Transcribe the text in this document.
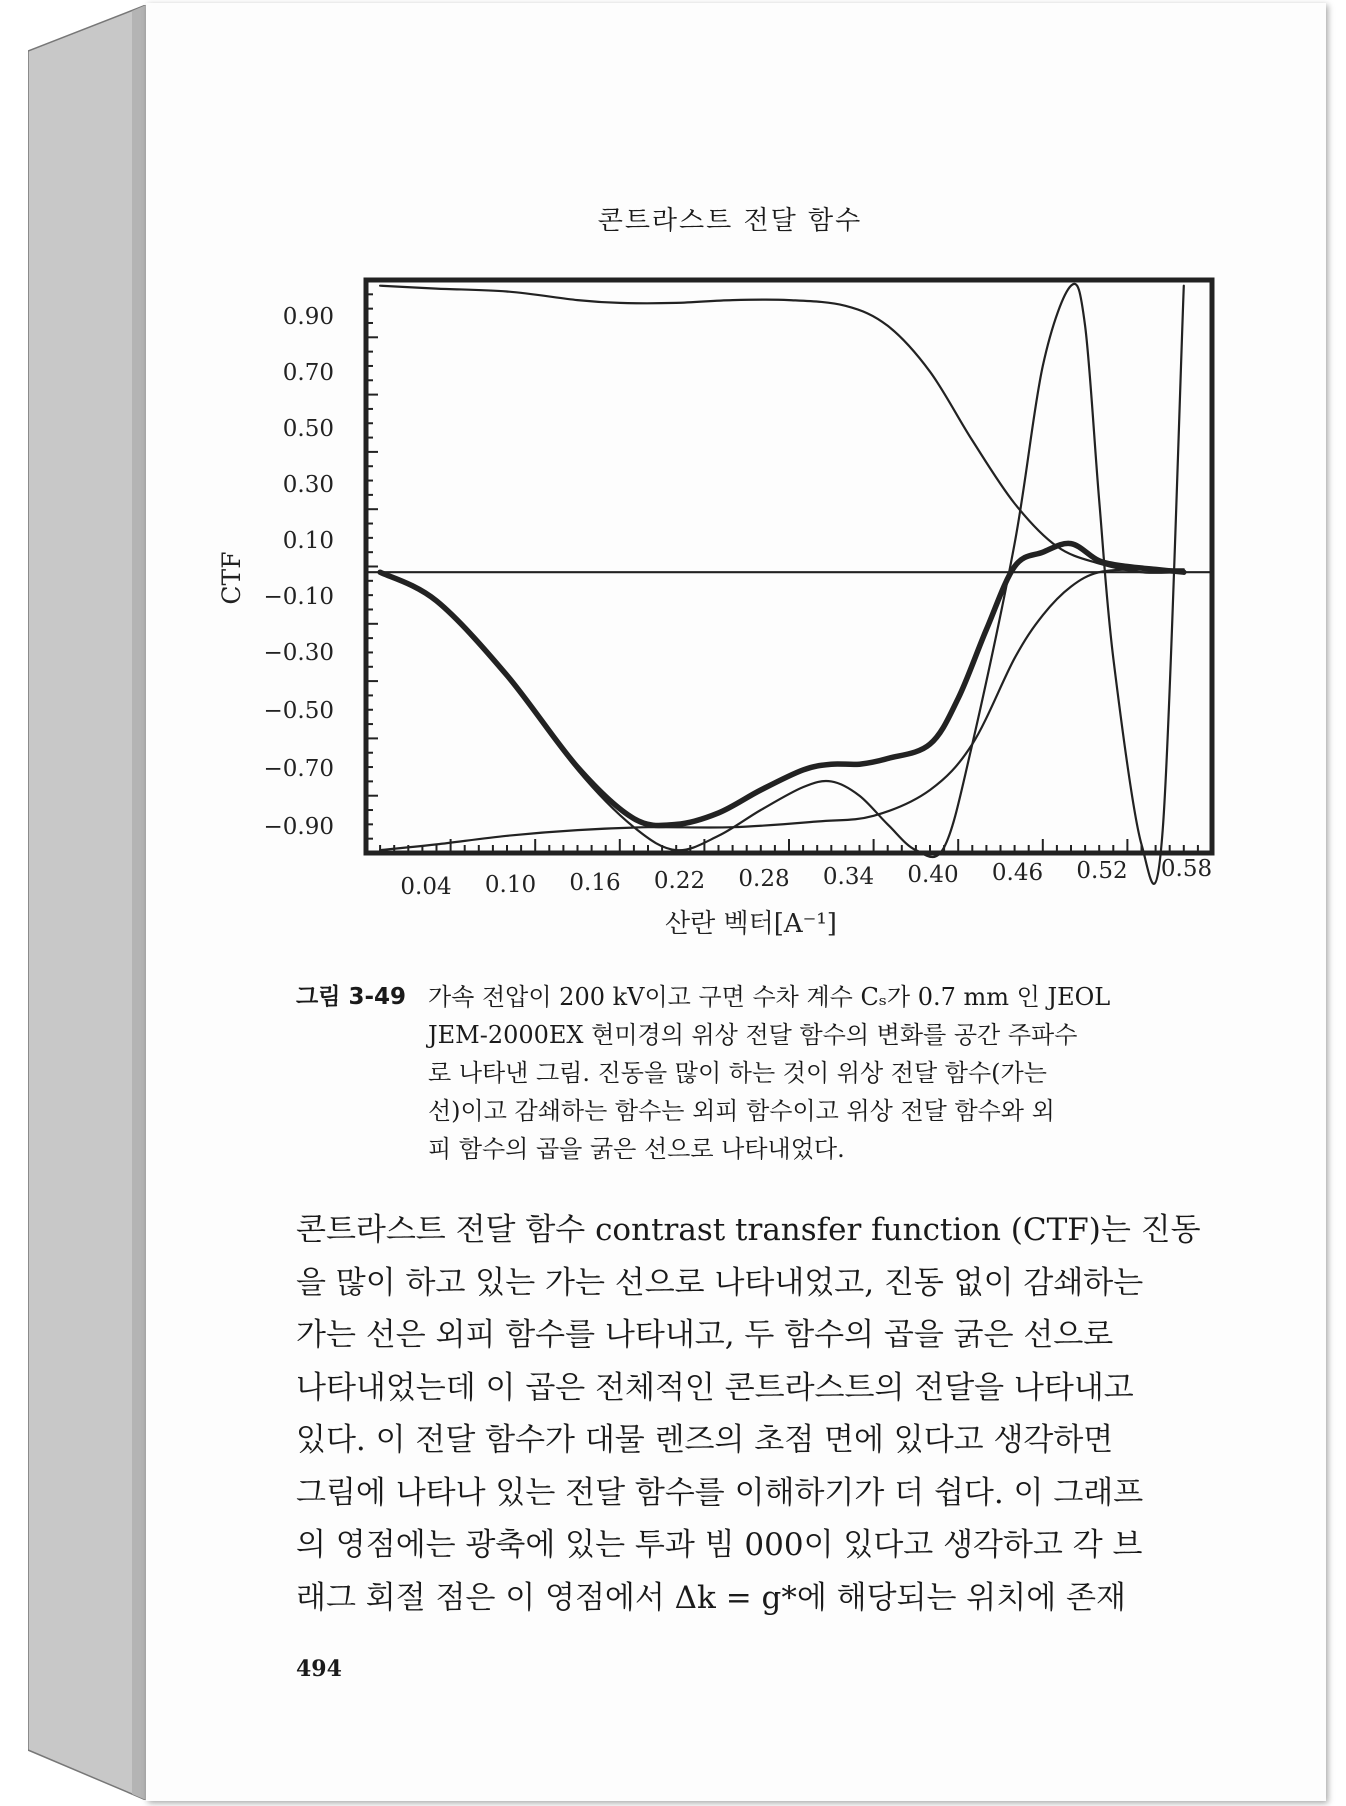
콘트라스트 전달 함수
0.90
0.70
0.50
0.30
0.10
−0.10
−0.30
−0.50
−0.70
−0.90
0.04 0.10 0.16 0.22 0.28 0.34 0.40 0.46 0.52 0.58
CTF
산란 벡터[A⁻¹]
그림 3-49 가속 전압이 200 kV이고 구면 수차 계수 Cₛ가 0.7 mm 인 JEOL
JEM-2000EX 현미경의 위상 전달 함수의 변화를 공간 주파수
로 나타낸 그림. 진동을 많이 하는 것이 위상 전달 함수(가는
선)이고 감쇄하는 함수는 외피 함수이고 위상 전달 함수와 외
피 함수의 곱을 굵은 선으로 나타내었다.
콘트라스트 전달 함수 contrast transfer function (CTF)는 진동
을 많이 하고 있는 가는 선으로 나타내었고, 진동 없이 감쇄하는
가는 선은 외피 함수를 나타내고, 두 함수의 곱을 굵은 선으로
나타내었는데 이 곱은 전체적인 콘트라스트의 전달을 나타내고
있다. 이 전달 함수가 대물 렌즈의 초점 면에 있다고 생각하면
그림에 나타나 있는 전달 함수를 이해하기가 더 쉽다. 이 그래프
의 영점에는 광축에 있는 투과 빔 000이 있다고 생각하고 각 브
래그 회절 점은 이 영점에서 Δk = g*에 해당되는 위치에 존재
494
